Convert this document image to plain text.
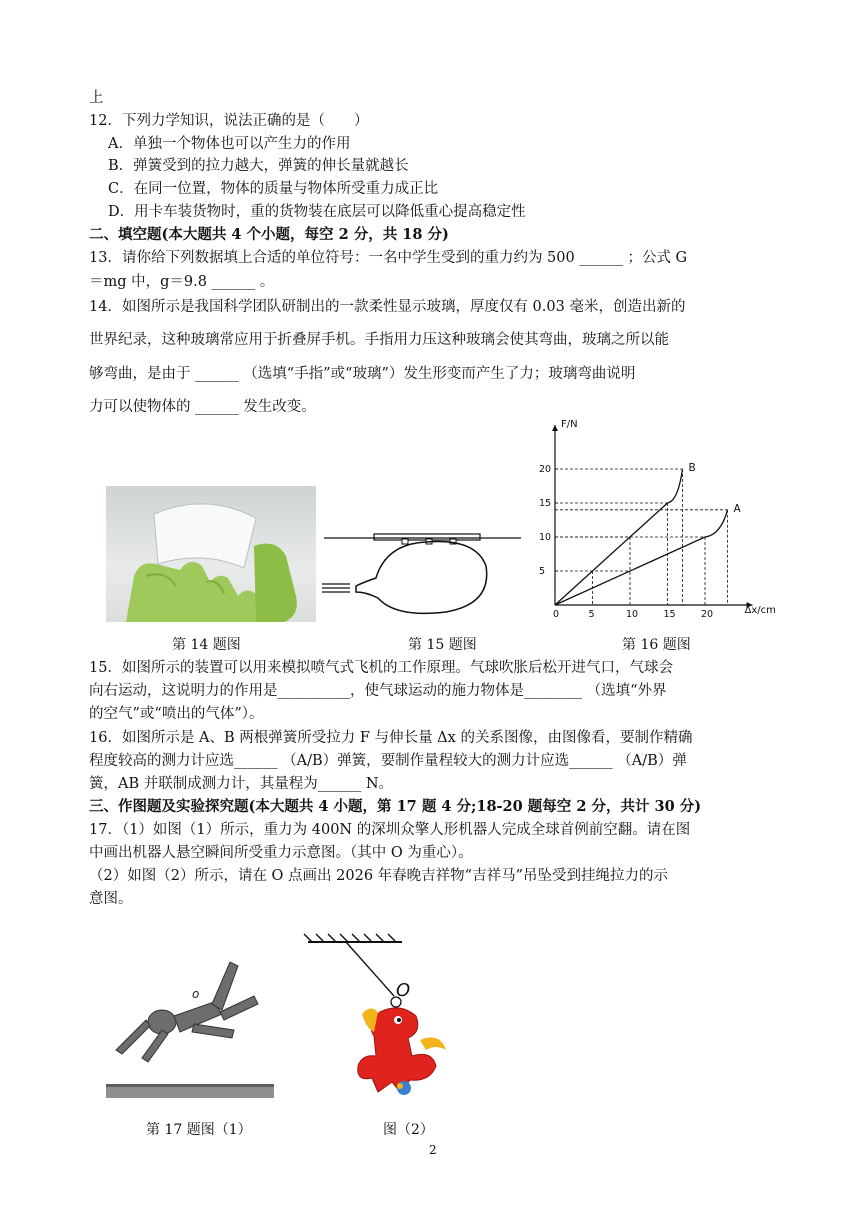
上
12．下列力学知识，说法正确的是（　　）
A．单独一个物体也可以产生力的作用
B．弹簧受到的拉力越大，弹簧的伸长量就越长
C．在同一位置，物体的质量与物体所受重力成正比
D．用卡车装货物时，重的货物装在底层可以降低重心提高稳定性
二、填空题(本大题共 4 个小题，每空 2 分，共 18 分)
13．请你给下列数据填上合适的单位符号：一名中学生受到的重力约为 500 ______ ；公式 G
＝mg 中，g＝9.8 ______ 。
14．如图所示是我国科学团队研制出的一款柔性显示玻璃，厚度仅有 0.03 毫米，创造出新的
世界纪录，这种玻璃常应用于折叠屏手机。手指用力压这种玻璃会使其弯曲，玻璃之所以能
够弯曲，是由于 ______ （选填“手指”或“玻璃”）发生形变而产生了力；玻璃弯曲说明
力可以使物体的 ______ 发生改变。
0	5	10	15	20
5
10
15
20
F/N
Δx/cm
A
B
第 14 题图	第 15 题图	第 16 题图
15．如图所示的装置可以用来模拟喷气式飞机的工作原理。气球吹胀后松开进气口，气球会
向右运动，这说明力的作用是__________，使气球运动的施力物体是________ （选填“外界
的空气”或“喷出的气体”）。
16．如图所示是 A、B 两根弹簧所受拉力 F 与伸长量 Δx 的关系图像，由图像看，要制作精确
程度较高的测力计应选______ （A/B）弹簧，要制作量程较大的测力计应选______ （A/B）弹
簧，AB 并联制成测力计，其量程为______ N。
三、作图题及实验探究题(本大题共 4 小题，第 17 题 4 分;18-20 题每空 2 分，共计 30 分)
17．（1）如图（1）所示，重力为 400N 的深圳众擎人形机器人完成全球首例前空翻。请在图
中画出机器人悬空瞬间所受重力示意图。（其中 O 为重心）。
（2）如图（2）所示，请在 O 点画出 2026 年春晚吉祥物“吉祥马”吊坠受到挂绳拉力的示
意图。
o	O
第 17 题图（1）	图（2）
2
